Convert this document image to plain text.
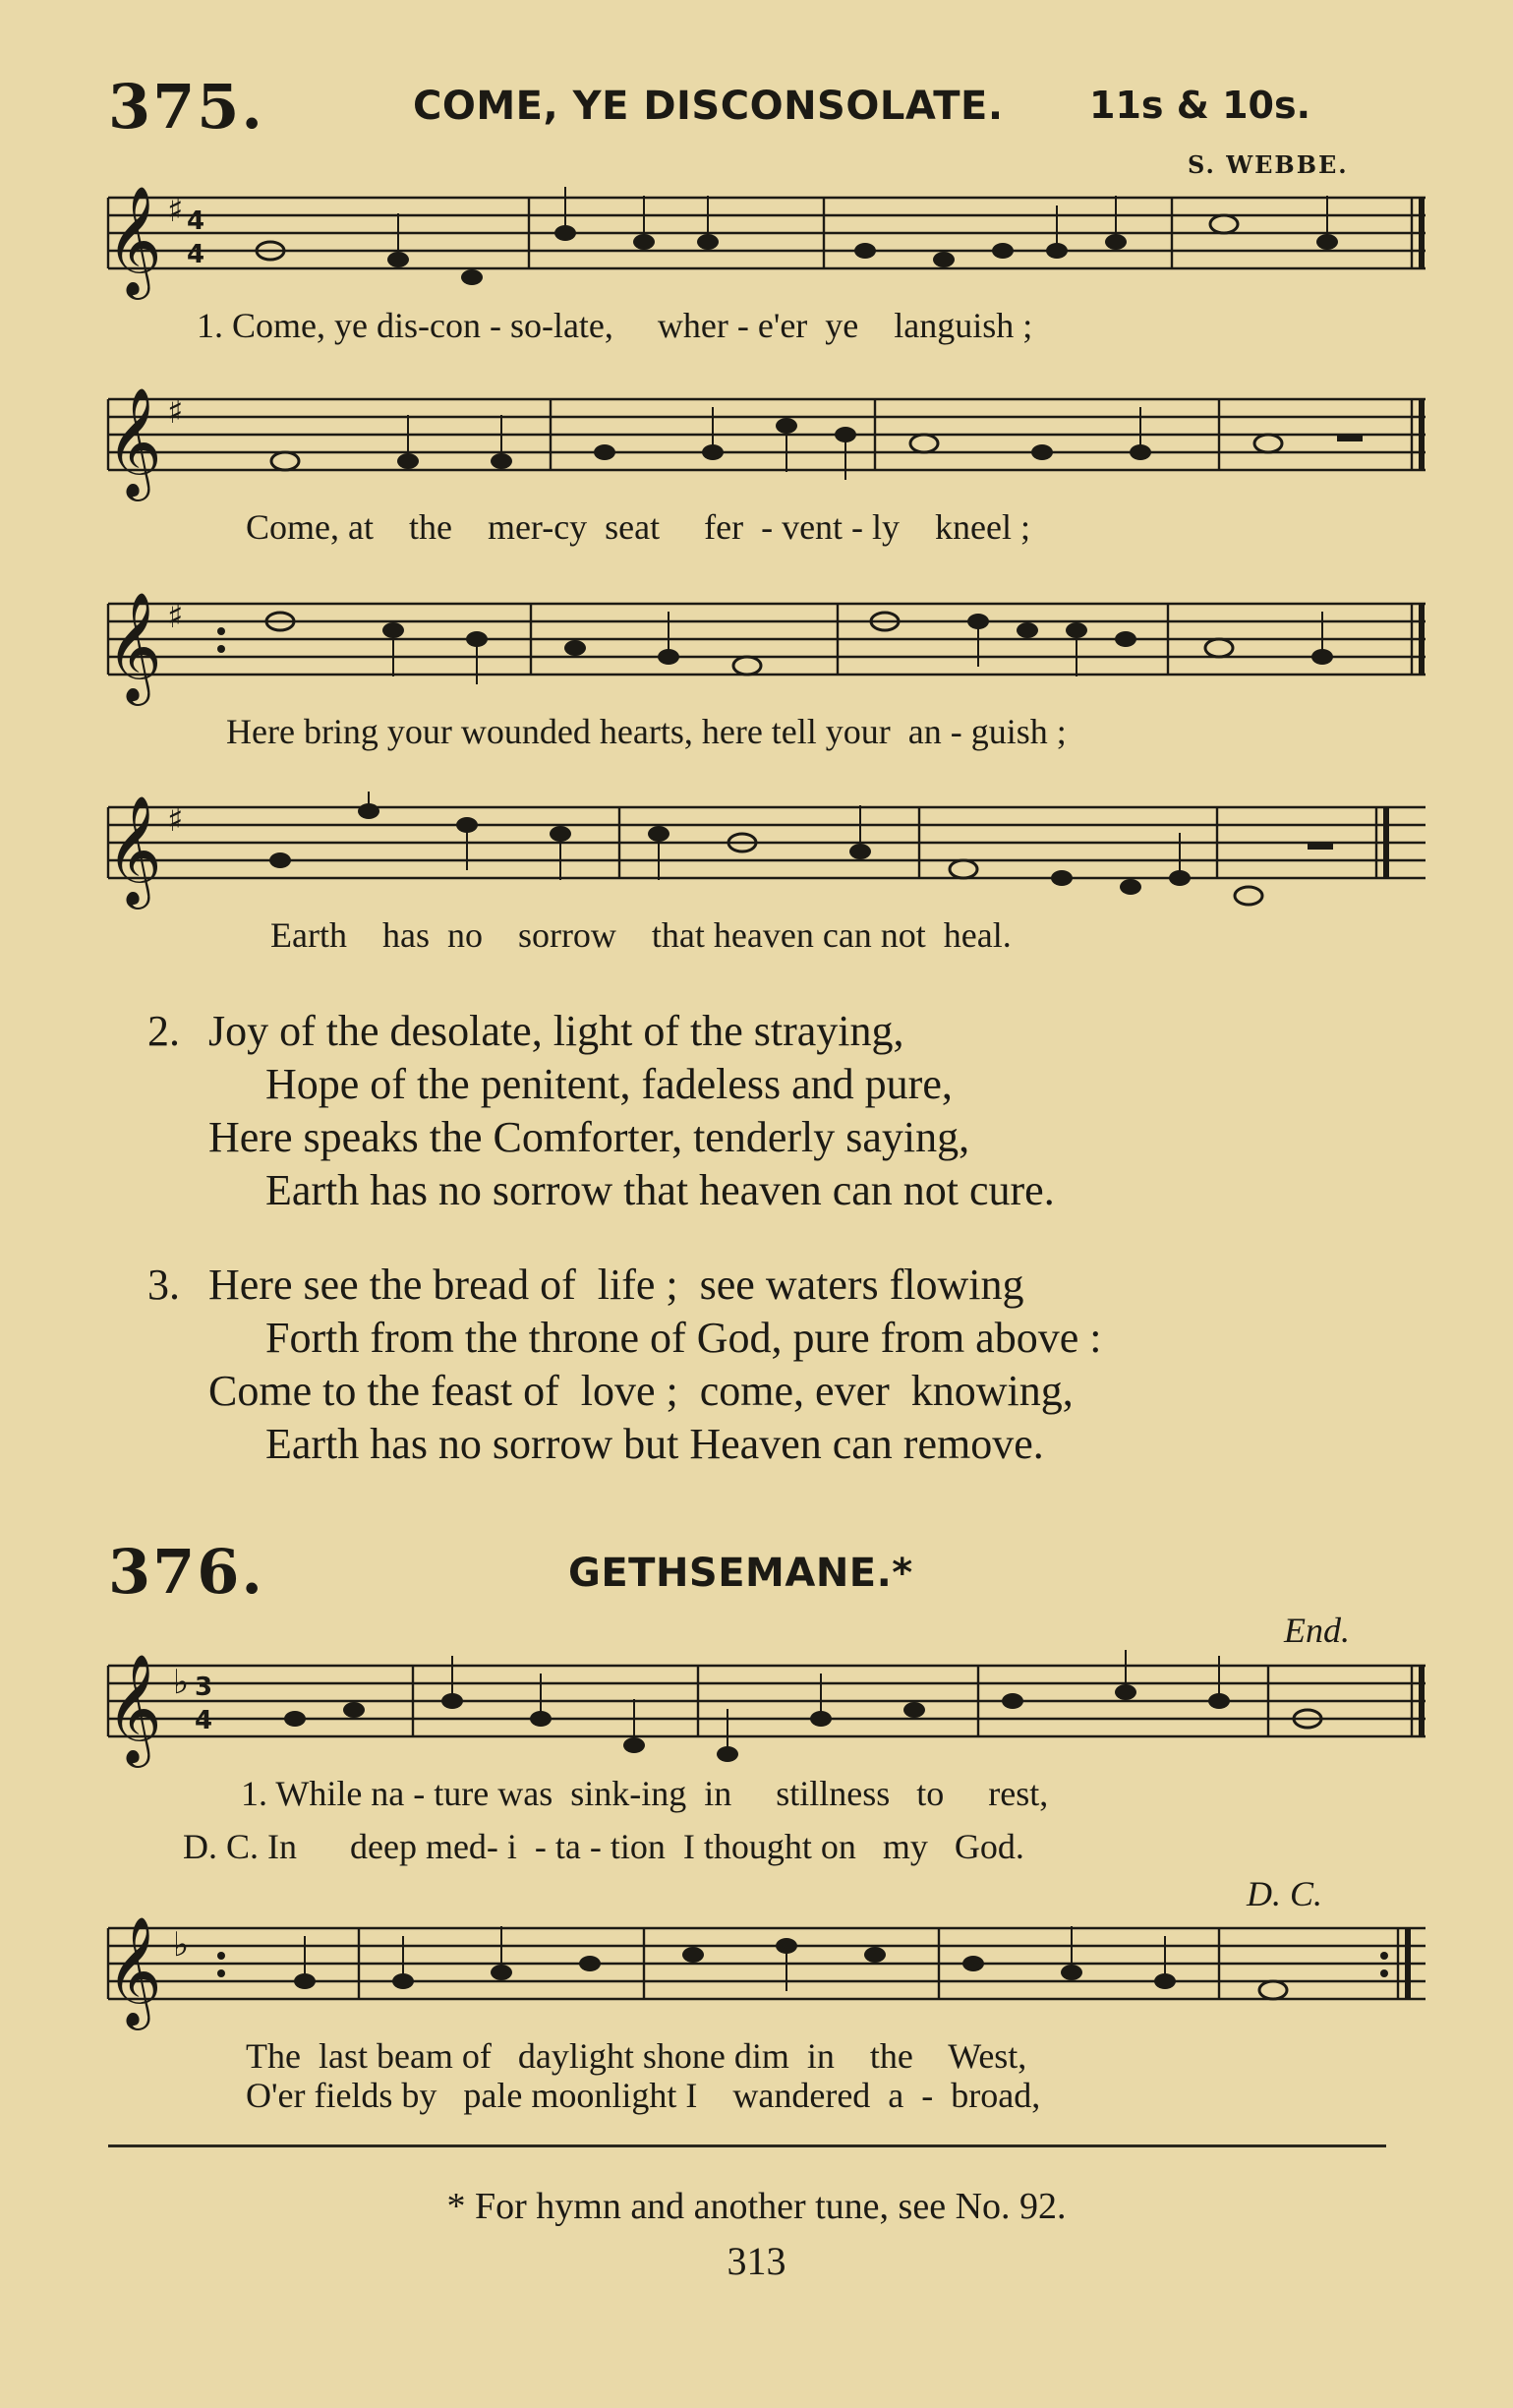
375.	COME, YE DISCONSOLATE. 11s & 10s.
S. WEBBE.
𝄞 ♯ 4
4
1. Come, ye dis-con - so-late,     wher - e'er  ye    languish ;
𝄞 ♯
Come, at    the    mer-cy  seat     fer  - vent - ly    kneel ;
𝄞 ♯
Here bring your wounded hearts, here tell your  an - guish ;
𝄞 ♯
Earth    has  no    sorrow    that heaven can not  heal.
2. Joy of the desolate, light of the straying,
Hope of the penitent, fadeless and pure,
Here speaks the Comforter, tenderly saying,
Earth has no sorrow that heaven can not cure.
3. Here see the bread of  life ;  see waters flowing
Forth from the throne of God, pure from above :
Come to the feast of  love ;  come, ever  knowing,
Earth has no sorrow but Heaven can remove.
376.	GETHSEMANE.*
End.
𝄞 ♭ 3
4
1. While na - ture was  sink-ing  in     stillness   to     rest,
D. C. In      deep med- i  - ta - tion  I thought on   my   God.
D. C.
𝄞 ♭
The  last beam of   daylight shone dim  in    the    West,
O'er fields by   pale moonlight I    wandered  a  -  broad,
* For hymn and another tune, see No. 92.
313
